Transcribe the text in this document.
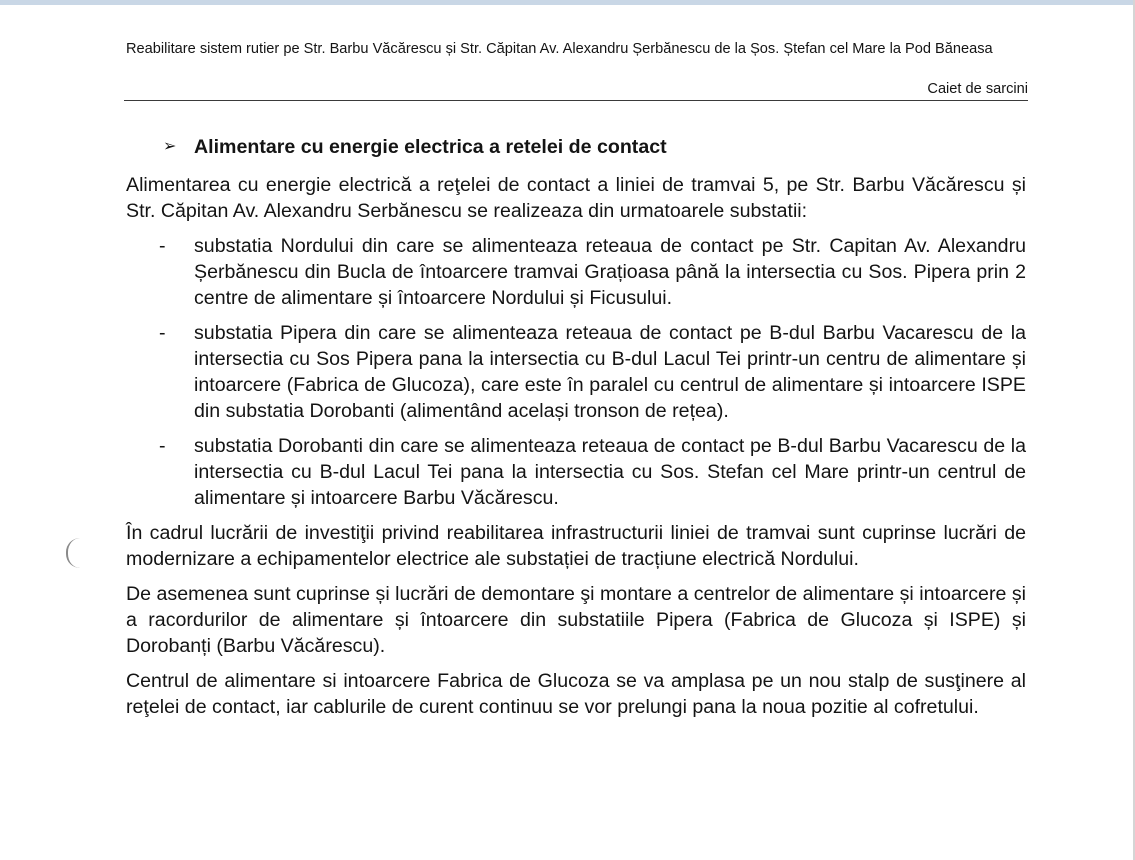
Reabilitare sistem rutier pe Str. Barbu Văcărescu și Str. Căpitan Av. Alexandru Șerbănescu de la Șos. Ștefan cel Mare la Pod Băneasa
Caiet de sarcini
➢ Alimentare cu energie electrica a retelei de contact

Alimentarea cu energie electrică a reţelei de contact a liniei de tramvai 5, pe Str. Barbu Văcărescu și Str. Căpitan Av. Alexandru Serbănescu se realizeaza din urmatoarele substatii:

- substatia Nordului din care se alimenteaza reteaua de contact pe Str. Capitan Av. Alexandru Șerbănescu din Bucla de întoarcere tramvai Grațioasa până la intersectia cu Sos. Pipera prin 2 centre de alimentare și întoarcere Nordului și Ficusului.
- substatia Pipera din care se alimenteaza reteaua de contact pe B-dul Barbu Vacarescu de la intersectia cu Sos Pipera pana la intersectia cu B-dul Lacul Tei printr-un centru de alimentare și intoarcere (Fabrica de Glucoza), care este în paralel cu centrul de alimentare și intoarcere ISPE din substatia Dorobanti (alimentând același tronson de rețea).
- substatia Dorobanti din care se alimenteaza reteaua de contact pe B-dul Barbu Vacarescu de la intersectia cu B-dul Lacul Tei pana la intersectia cu Sos. Stefan cel Mare printr-un centrul de alimentare și intoarcere Barbu Văcărescu.

În cadrul lucrării de investiţii privind reabilitarea infrastructurii liniei de tramvai sunt cuprinse lucrări de modernizare a echipamentelor electrice ale substației de tracțiune electrică Nordului.

De asemenea sunt cuprinse și lucrări de demontare şi montare a centrelor de alimentare și intoarcere și a racordurilor de alimentare și întoarcere din substatiile Pipera (Fabrica de Glucoza și ISPE) și Dorobanți (Barbu Văcărescu).

Centrul de alimentare si intoarcere Fabrica de Glucoza se va amplasa pe un nou stalp de susţinere al reţelei de contact, iar cablurile de curent continuu se vor prelungi pana la noua pozitie al cofretului.
